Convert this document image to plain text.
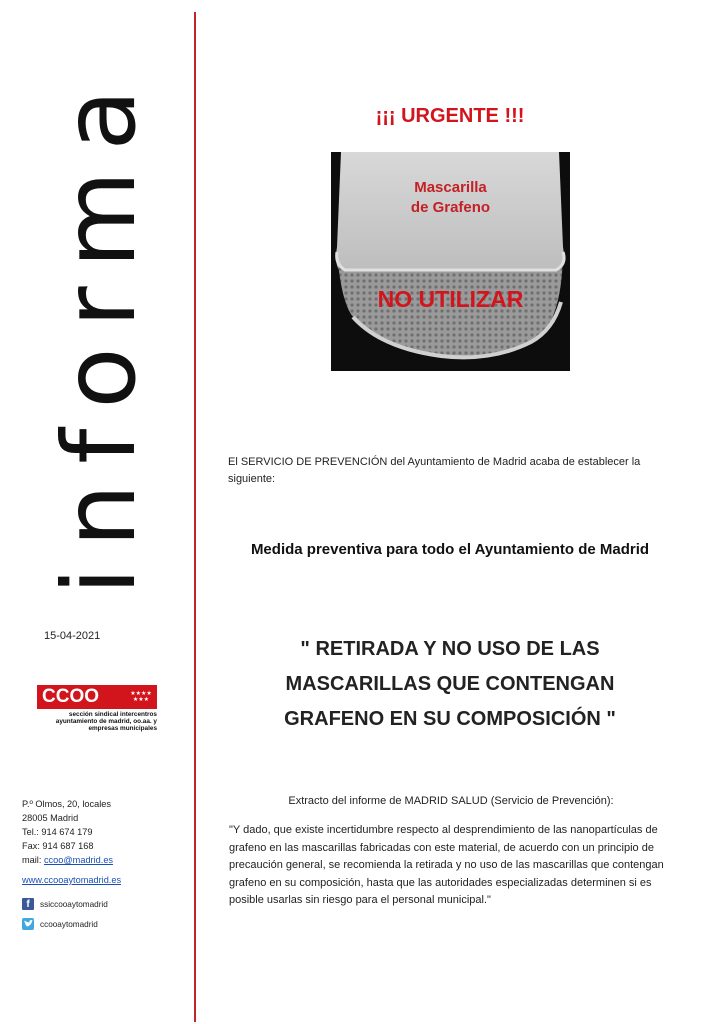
informa
15-04-2021
CCOO	★★★★
★★★
sección sindical intercentros ayuntamiento de madrid, oo.aa. y empresas municipales
P.º Olmos, 20, locales
28005 Madrid
Tel.: 914 674 179
Fax: 914 687 168
mail: ccoo@madrid.es
www.ccooaytomadrid.es
f	ssiccooaytomadrid
ccooaytomadrid
¡¡¡ URGENTE !!!
Mascarilla
de Grafeno
NO UTILIZAR
El SERVICIO DE PREVENCIÓN del Ayuntamiento de Madrid acaba de establecer la siguiente:
Medida preventiva para todo el Ayuntamiento de Madrid
" RETIRADA Y NO USO DE LAS MASCARILLAS QUE CONTENGAN GRAFENO EN SU COMPOSICIÓN "
Extracto del informe de MADRID SALUD (Servicio de Prevención):
"Y dado, que existe incertidumbre respecto al desprendimiento de las nanopartículas de grafeno en las mascarillas fabricadas con este material, de acuerdo con un principio de precaución general, se recomienda la retirada y no uso de las mascarillas que contengan grafeno en su composición, hasta que las autoridades especializadas determinen si es posible usarlas sin riesgo para el personal municipal."
